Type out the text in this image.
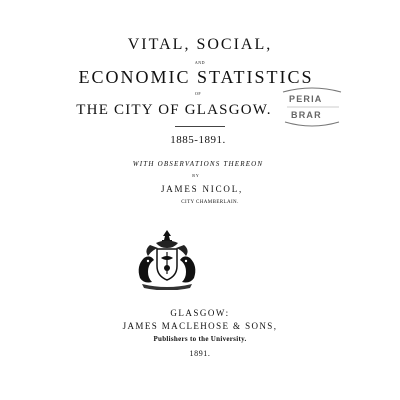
VITAL, SOCIAL,
AND
ECONOMIC STATISTICS
OF
THE CITY OF GLASGOW.
1885-1891.
WITH OBSERVATIONS THEREON
BY
JAMES NICOL,
CITY CHAMBERLAIN.
PERIA
BRAR
GLASGOW:
JAMES MACLEHOSE & SONS,
Publishers to the University.
1891.
